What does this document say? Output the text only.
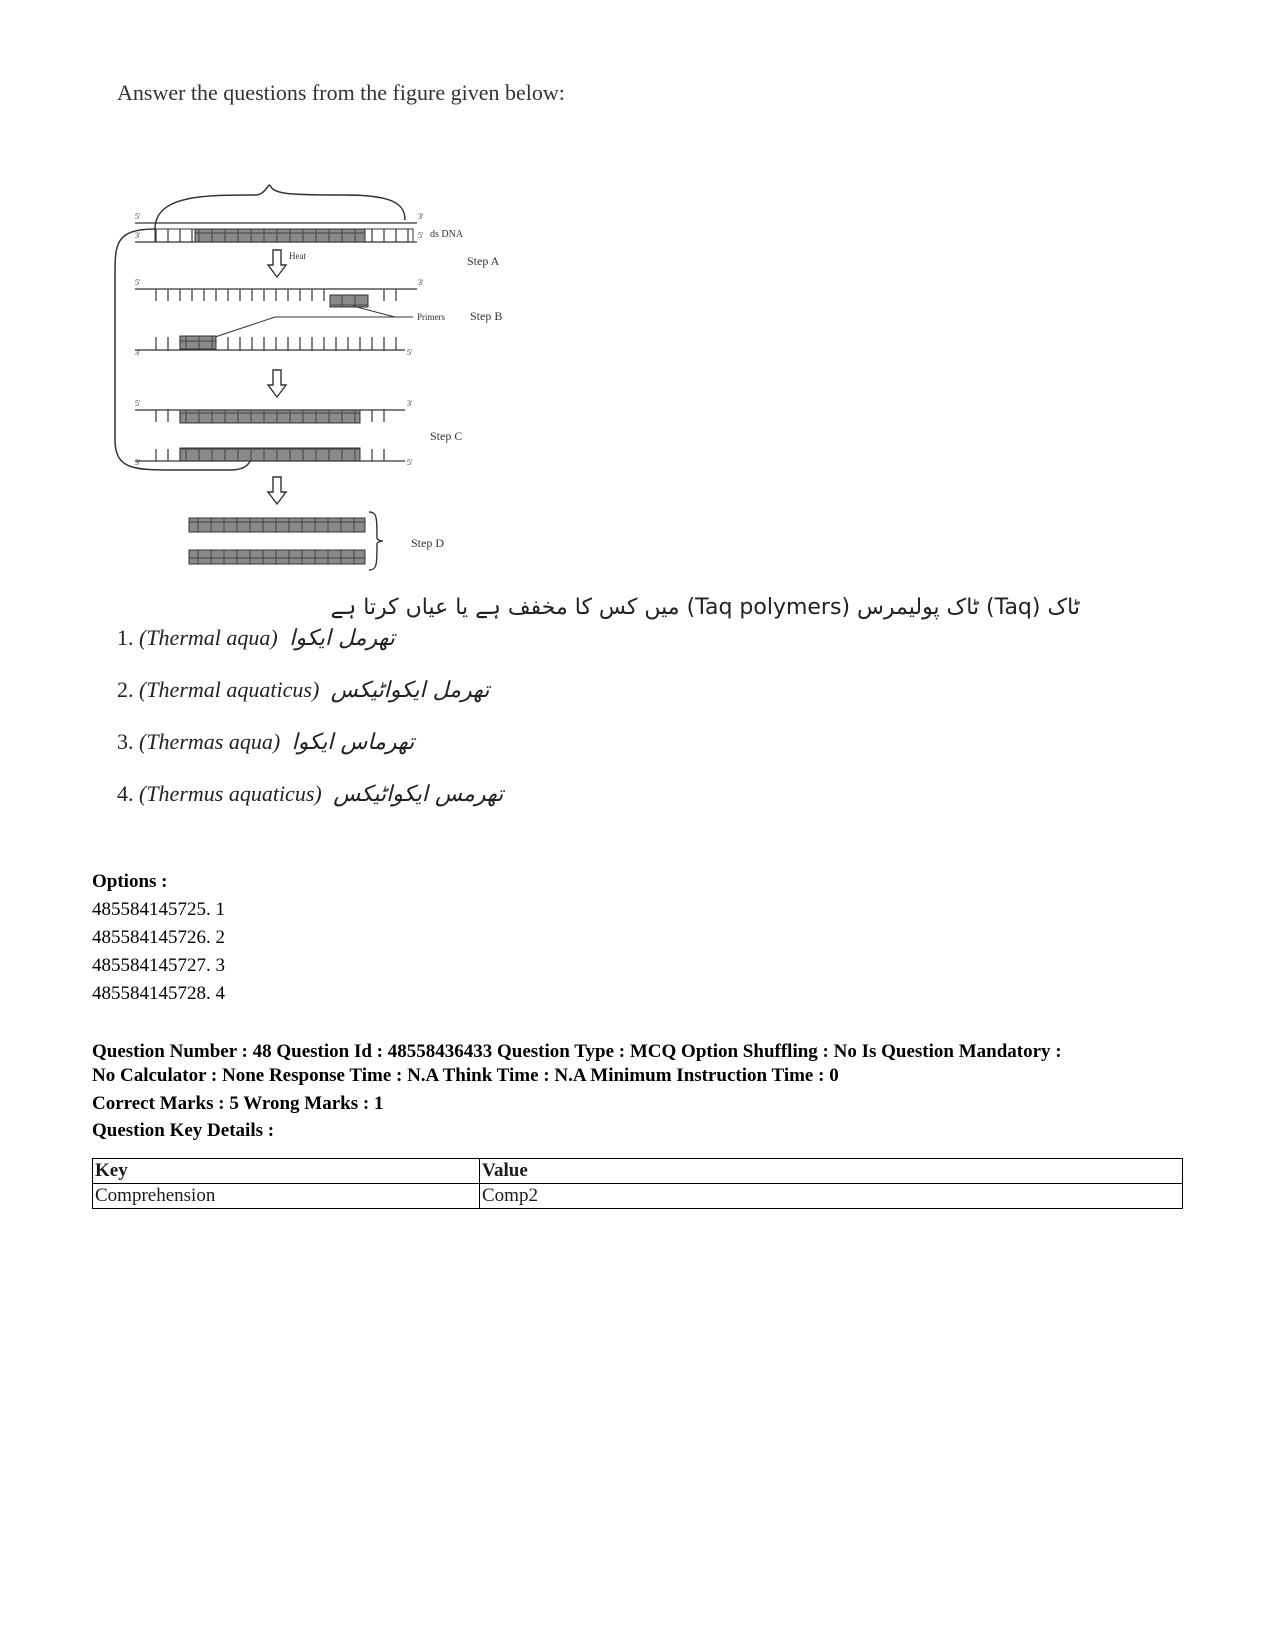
Answer the questions from the figure given below:
5'
3'
3'
5' ds DNA
Step A
Heat
5'	3'
Primers Step B
3'	5'
5'	3'
3'	5'
Step C
Step D
ٹاک (Taq) ٹاک پولیمرس (Taq polymers) میں کس کا مخفف ہے یا عیاں کرتا ہے
1. (Thermal aqua) تھرمل ایکوا
2. (Thermal aquaticus) تھرمل ایکواٹیکس
3. (Thermas aqua) تھرماس ایکوا
4. (Thermus aquaticus) تھرمس ایکواٹیکس
Options :
485584145725. 1
485584145726. 2
485584145727. 3
485584145728. 4
Question Number : 48 Question Id : 48558436433 Question Type : MCQ Option Shuffling : No Is Question Mandatory :
No Calculator : None Response Time : N.A Think Time : N.A Minimum Instruction Time : 0
Correct Marks : 5 Wrong Marks : 1
Question Key Details :
Key	Value
Comprehension	Comp2
